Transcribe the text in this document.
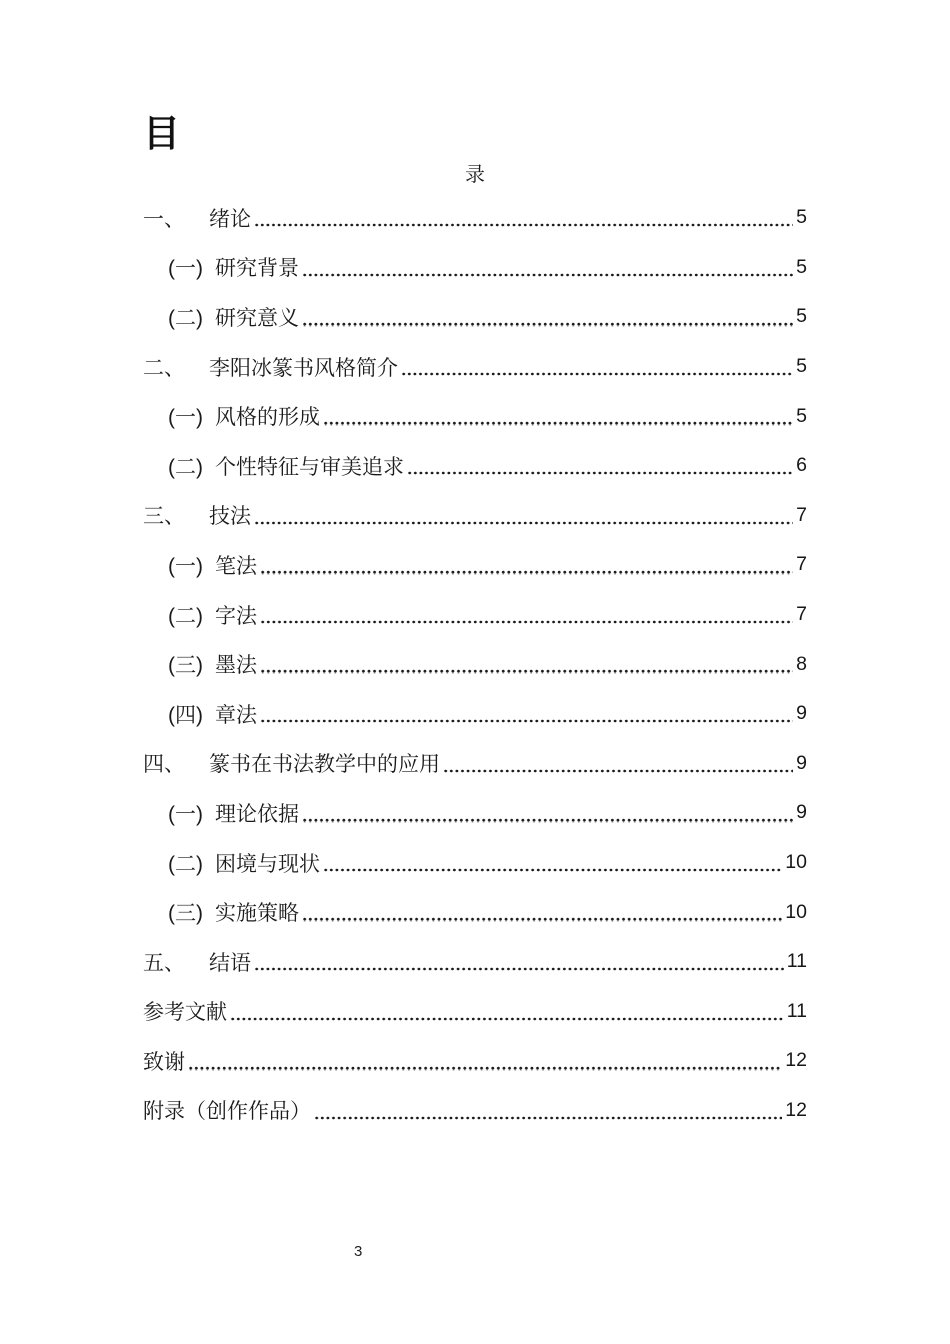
目
录
一、	绪论	5
(一) 研究背景	5
(二) 研究意义	5
二、	李阳冰篆书风格简介	5
(一) 风格的形成	5
(二) 个性特征与审美追求	6
三、	技法	7
(一) 笔法	7
(二) 字法	7
(三) 墨法	8
(四) 章法	9
四、	篆书在书法教学中的应用	9
(一) 理论依据	9
(二) 困境与现状	10
(三) 实施策略	10
五、	结语	11
参考文献	11
致谢	12
附录（创作作品）	12
3
